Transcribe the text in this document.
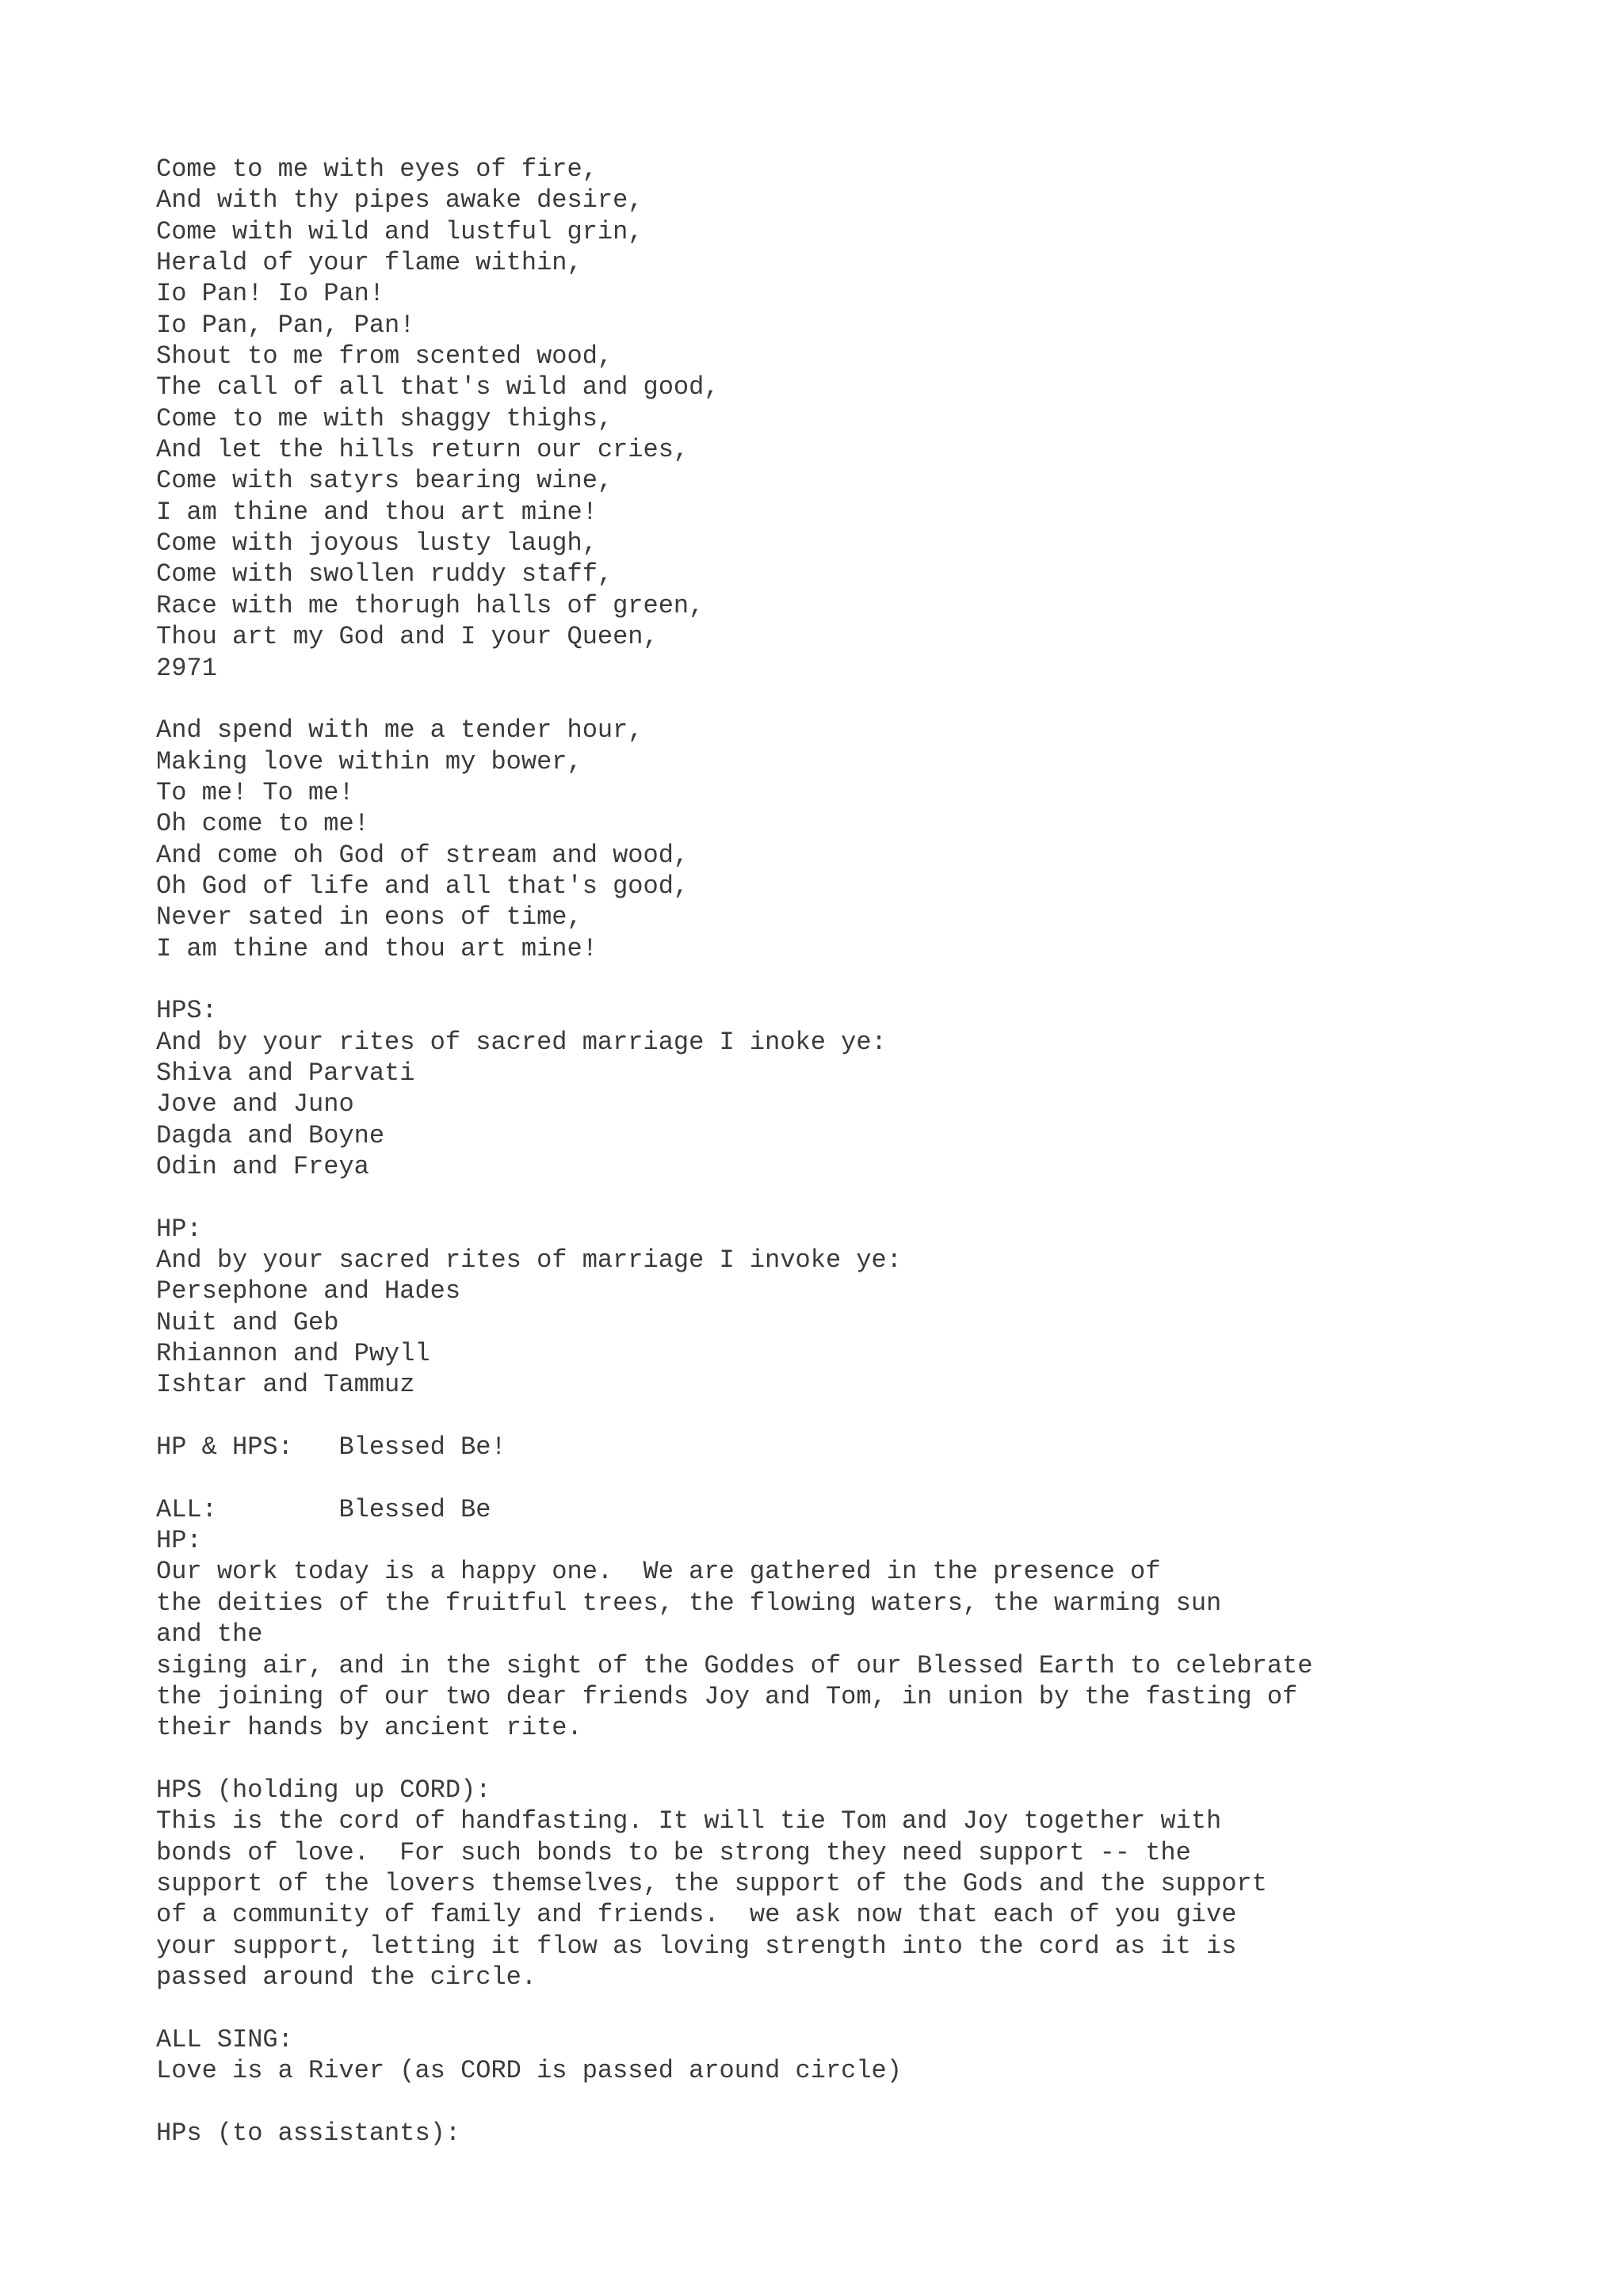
Come to me with eyes of fire,
And with thy pipes awake desire,
Come with wild and lustful grin,
Herald of your flame within,
Io Pan! Io Pan!
Io Pan, Pan, Pan!
Shout to me from scented wood,
The call of all that's wild and good,
Come to me with shaggy thighs,
And let the hills return our cries,
Come with satyrs bearing wine,
I am thine and thou art mine!
Come with joyous lusty laugh,
Come with swollen ruddy staff,
Race with me thorugh halls of green,
Thou art my God and I your Queen,
2971
And spend with me a tender hour,
Making love within my bower,
To me! To me!
Oh come to me!
And come oh God of stream and wood,
Oh God of life and all that's good,
Never sated in eons of time,
I am thine and thou art mine!
HPS:
And by your rites of sacred marriage I inoke ye:
Shiva and Parvati
Jove and Juno
Dagda and Boyne
Odin and Freya
HP:
And by your sacred rites of marriage I invoke ye:
Persephone and Hades
Nuit and Geb
Rhiannon and Pwyll
Ishtar and Tammuz
HP & HPS:   Blessed Be!
ALL:        Blessed Be
HP:
Our work today is a happy one.  We are gathered in the presence of
the deities of the fruitful trees, the flowing waters, the warming sun
and the
siging air, and in the sight of the Goddes of our Blessed Earth to celebrate
the joining of our two dear friends Joy and Tom, in union by the fasting of
their hands by ancient rite.
HPS (holding up CORD):
This is the cord of handfasting. It will tie Tom and Joy together with
bonds of love.  For such bonds to be strong they need support -- the
support of the lovers themselves, the support of the Gods and the support
of a community of family and friends.  we ask now that each of you give
your support, letting it flow as loving strength into the cord as it is
passed around the circle.
ALL SING:
Love is a River (as CORD is passed around circle)
HPs (to assistants):
